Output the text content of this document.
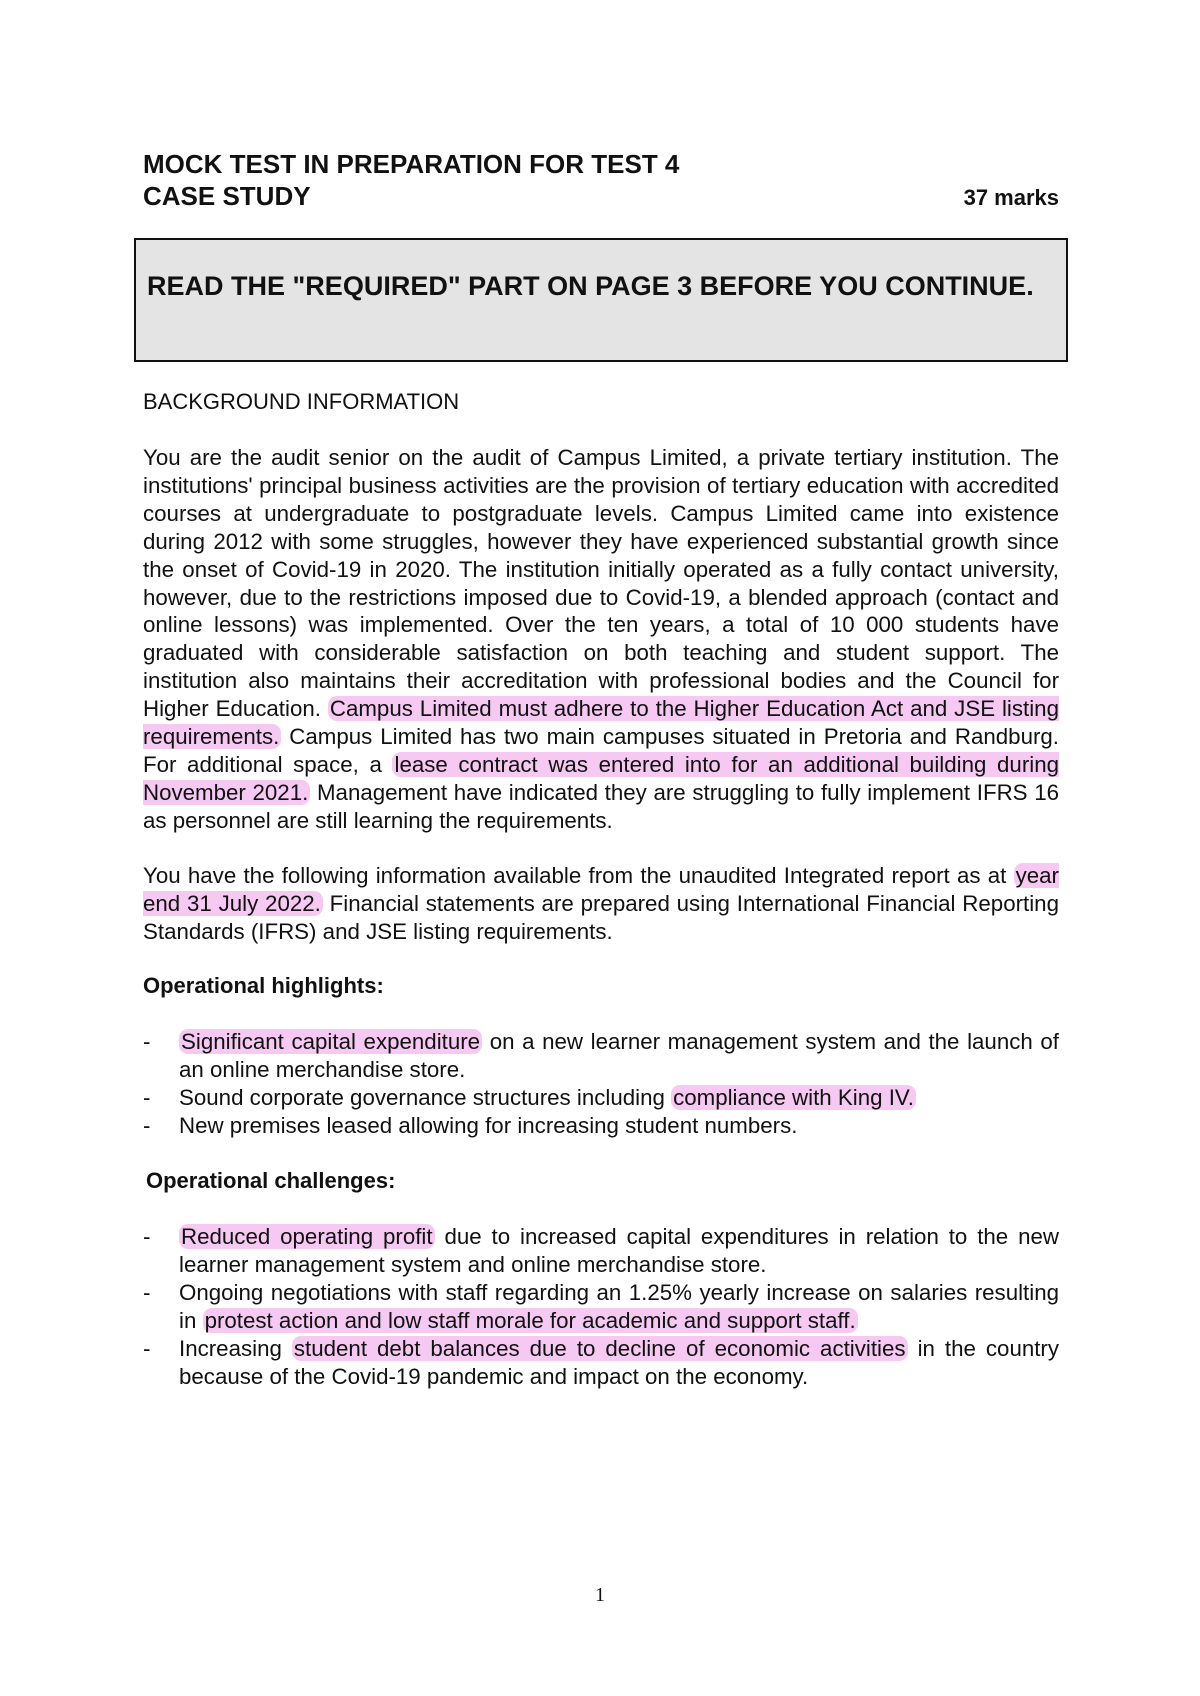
MOCK TEST IN PREPARATION FOR TEST 4
CASE STUDY	37 marks
READ THE "REQUIRED" PART ON PAGE 3 BEFORE YOU CONTINUE.
BACKGROUND INFORMATION

You are the audit senior on the audit of Campus Limited, a private tertiary institution. The institutions' principal business activities are the provision of tertiary education with accredited courses at undergraduate to postgraduate levels. Campus Limited came into existence during 2012 with some struggles, however they have experienced substantial growth since the onset of Covid-19 in 2020. The institution initially operated as a fully contact university, however, due to the restrictions imposed due to Covid-19, a blended approach (contact and online lessons) was implemented. Over the ten years, a total of 10 000 students have graduated with considerable satisfaction on both teaching and student support. The institution also maintains their accreditation with professional bodies and the Council for Higher Education. Campus Limited must adhere to the Higher Education Act and JSE listing requirements. Campus Limited has two main campuses situated in Pretoria and Randburg. For additional space, a lease contract was entered into for an additional building during November 2021. Management have indicated they are struggling to fully implement IFRS 16 as personnel are still learning the requirements.

You have the following information available from the unaudited Integrated report as at year end 31 July 2022. Financial statements are prepared using International Financial Reporting Standards (IFRS) and JSE listing requirements.

Operational highlights:
- Significant capital expenditure on a new learner management system and the launch of an online merchandise store.
- Sound corporate governance structures including compliance with King IV.
- New premises leased allowing for increasing student numbers.
Operational challenges:
- Reduced operating profit due to increased capital expenditures in relation to the new learner management system and online merchandise store.
- Ongoing negotiations with staff regarding an 1.25% yearly increase on salaries resulting in protest action and low staff morale for academic and support staff.
- Increasing student debt balances due to decline of economic activities in the country because of the Covid-19 pandemic and impact on the economy.
1
